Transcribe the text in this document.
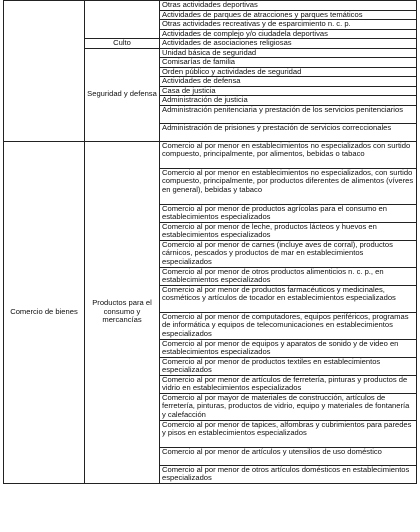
		Otras actividades deportivas
		Actividades de parques de atracciones y parques temáticos
		Otras actividades recreativas y de esparcimiento n. c. p.
		Actividades de complejo y/o ciudadela deportivas
	Culto	Actividades de asociaciones religiosas
	Seguridad y defensa	Unidad básica de seguridad
		Comisarías de familia
		Orden público y actividades de seguridad
		Actividades de defensa
		Casa de justicia
		Administración de justicia
		Administración penitenciaria y prestación de los servicios penitenciarios
		Administración de prisiones y prestación de servicios correccionales
Comercio de bienes	Productos para el consumo y mercancías	Comercio al por menor en establecimientos no especializados con surtido compuesto, principalmente, por alimentos, bebidas o tabaco
		Comercio al por menor en establecimientos no especializados, con surtido compuesto, principalmente, por productos diferentes de alimentos (víveres en general), bebidas y tabaco
		Comercio al por menor de productos agrícolas para el consumo en establecimientos especializados
		Comercio al por menor de leche, productos lácteos y huevos en establecimientos especializados
		Comercio al por menor de carnes (incluye aves de corral), productos cárnicos, pescados y productos de mar en establecimientos especializados
		Comercio al por menor de otros productos alimenticios n. c. p., en establecimientos especializados
		Comercio al por menor de productos farmacéuticos y medicinales, cosméticos y artículos de tocador en establecimientos especializados
		Comercio al por menor de computadores, equipos periféricos, programas de informática y equipos de telecomunicaciones en establecimientos especializados
		Comercio al por menor de equipos y aparatos de sonido y de video en establecimientos especializados
		Comercio al por menor de productos textiles en establecimientos especializados
		Comercio al por menor de artículos de ferretería, pinturas y productos de vidrio en establecimientos especializados
		Comercio al por mayor de materiales de construcción, artículos de ferretería, pinturas, productos de vidrio, equipo y materiales de fontanería y calefacción
		Comercio al por menor de tapices, alfombras y cubrimientos para paredes y pisos en establecimientos especializados
		Comercio al por menor de artículos y utensilios de uso doméstico
		Comercio al por menor de otros artículos domésticos en establecimientos especializados
